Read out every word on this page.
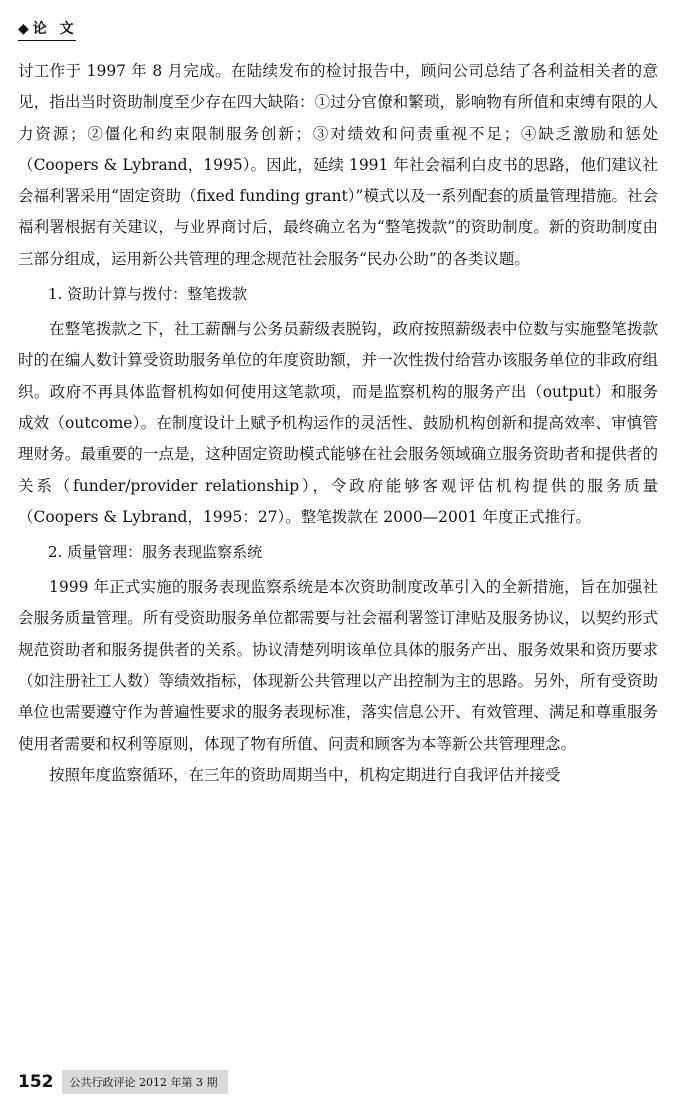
◆论 文

讨工作于 1997 年 8 月完成。在陆续发布的检讨报告中，顾问公司总结了各利益相关者的意见，指出当时资助制度至少存在四大缺陷：①过分官僚和繁琐，影响物有所值和束缚有限的人力资源；②僵化和约束限制服务创新；③对绩效和问责重视不足；④缺乏激励和惩处（Coopers & Lybrand，1995）。因此，延续 1991 年社会福利白皮书的思路，他们建议社会福利署采用“固定资助（fixed funding grant）”模式以及一系列配套的质量管理措施。社会福利署根据有关建议，与业界商讨后，最终确立名为“整笔拨款”的资助制度。新的资助制度由三部分组成，运用新公共管理的理念规范社会服务“民办公助”的各类议题。

1. 资助计算与拨付：整笔拨款

在整笔拨款之下，社工薪酬与公务员薪级表脱钩，政府按照薪级表中位数与实施整笔拨款时的在编人数计算受资助服务单位的年度资助额，并一次性拨付给营办该服务单位的非政府组织。政府不再具体监督机构如何使用这笔款项，而是监察机构的服务产出（output）和服务成效（outcome）。在制度设计上赋予机构运作的灵活性、鼓励机构创新和提高效率、审慎管理财务。最重要的一点是，这种固定资助模式能够在社会服务领域确立服务资助者和提供者的关系（funder/provider relationship），令政府能够客观评估机构提供的服务质量（Coopers & Lybrand，1995：27）。整笔拨款在 2000—2001 年度正式推行。

2. 质量管理：服务表现监察系统

1999 年正式实施的服务表现监察系统是本次资助制度改革引入的全新措施，旨在加强社会服务质量管理。所有受资助服务单位都需要与社会福利署签订津贴及服务协议，以契约形式规范资助者和服务提供者的关系。协议清楚列明该单位具体的服务产出、服务效果和资历要求（如注册社工人数）等绩效指标，体现新公共管理以产出控制为主的思路。另外，所有受资助单位也需要遵守作为普遍性要求的服务表现标准，落实信息公开、有效管理、满足和尊重服务使用者需要和权利等原则，体现了物有所值、问责和顾客为本等新公共管理理念。

按照年度监察循环，在三年的资助周期当中，机构定期进行自我评估并接受

152	公共行政评论 2012 年第 3 期
